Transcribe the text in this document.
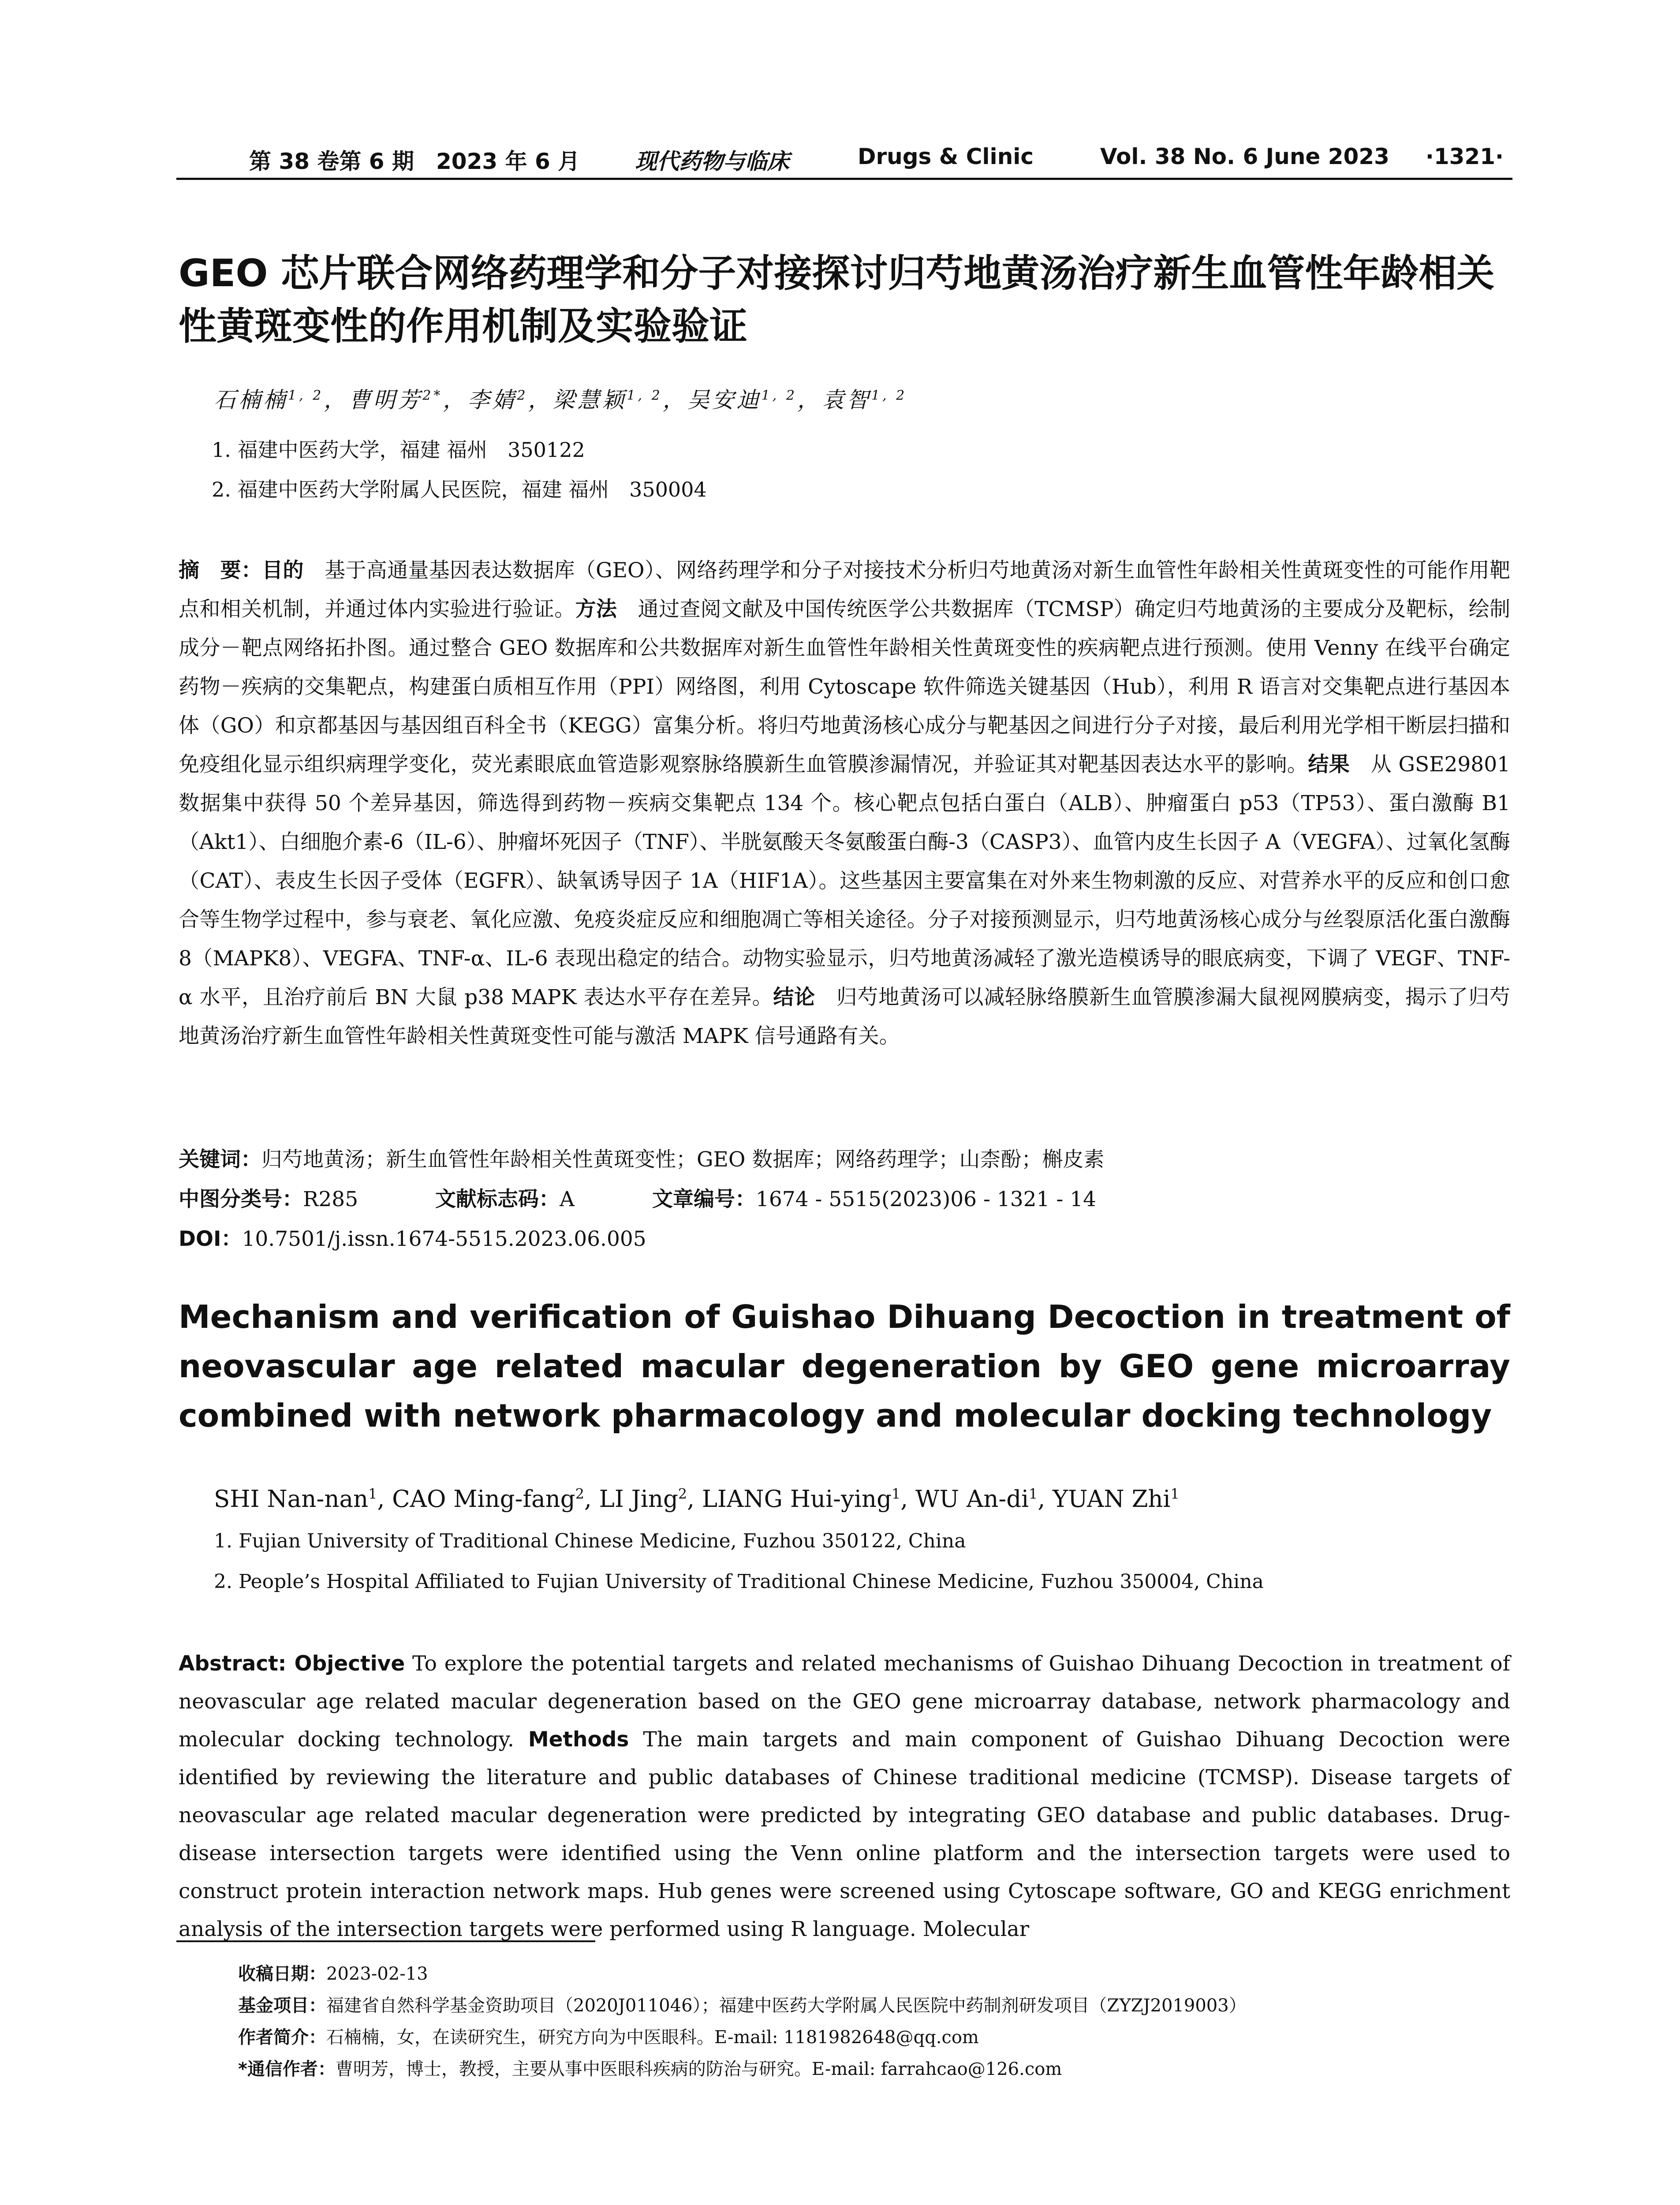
第 38 卷第 6 期　2023 年 6 月 现代药物与临床	Drugs & Clinic	Vol. 38 No. 6 June 2023 ·1321·
GEO 芯片联合网络药理学和分子对接探讨归芍地黄汤治疗新生血管性年龄相关性黄斑变性的作用机制及实验验证

石楠楠$^{1, 2}$，曹明芳$^{2*}$，李婧$^2$，梁慧颖$^{1, 2}$，吴安迪$^{1, 2}$，袁智$^{1, 2}$

1. 福建中医药大学，福建 福州　350122

2. 福建中医药大学附属人民医院，福建 福州　350004

摘　要：目的　基于高通量基因表达数据库（GEO）、网络药理学和分子对接技术分析归芍地黄汤对新生血管性年龄相关性黄斑变性的可能作用靶点和相关机制，并通过体内实验进行验证。方法　通过查阅文献及中国传统医学公共数据库（TCMSP）确定归芍地黄汤的主要成分及靶标，绘制成分－靶点网络拓扑图。通过整合 GEO 数据库和公共数据库对新生血管性年龄相关性黄斑变性的疾病靶点进行预测。使用 Venny 在线平台确定药物－疾病的交集靶点，构建蛋白质相互作用（PPI）网络图，利用 Cytoscape 软件筛选关键基因（Hub），利用 R 语言对交集靶点进行基因本体（GO）和京都基因与基因组百科全书（KEGG）富集分析。将归芍地黄汤核心成分与靶基因之间进行分子对接，最后利用光学相干断层扫描和免疫组化显示组织病理学变化，荧光素眼底血管造影观察脉络膜新生血管膜渗漏情况，并验证其对靶基因表达水平的影响。结果　从 GSE29801 数据集中获得 50 个差异基因，筛选得到药物－疾病交集靶点 134 个。核心靶点包括白蛋白（ALB）、肿瘤蛋白 p53（TP53）、蛋白激酶 B1（Akt1）、白细胞介素-6（IL-6）、肿瘤坏死因子（TNF）、半胱氨酸天冬氨酸蛋白酶-3（CASP3）、血管内皮生长因子 A（VEGFA）、过氧化氢酶（CAT）、表皮生长因子受体（EGFR）、缺氧诱导因子 1A（HIF1A）。这些基因主要富集在对外来生物刺激的反应、对营养水平的反应和创口愈合等生物学过程中，参与衰老、氧化应激、免疫炎症反应和细胞凋亡等相关途径。分子对接预测显示，归芍地黄汤核心成分与丝裂原活化蛋白激酶 8（MAPK8）、VEGFA、TNF-α、IL-6 表现出稳定的结合。动物实验显示，归芍地黄汤减轻了激光造模诱导的眼底病变，下调了 VEGF、TNF-α 水平，且治疗前后 BN 大鼠 p38 MAPK 表达水平存在差异。结论　归芍地黄汤可以减轻脉络膜新生血管膜渗漏大鼠视网膜病变，揭示了归芍地黄汤治疗新生血管性年龄相关性黄斑变性可能与激活 MAPK 信号通路有关。

关键词：归芍地黄汤；新生血管性年龄相关性黄斑变性；GEO 数据库；网络药理学；山柰酚；槲皮素

中图分类号：R285	文献标志码：A	文章编号：1674 - 5515(2023)06 - 1321 - 14

DOI：10.7501/j.issn.1674-5515.2023.06.005

Mechanism and verification of Guishao Dihuang Decoction in treatment of neovascular age related macular degeneration by GEO gene microarray combined with network pharmacology and molecular docking technology

SHI Nan-nan$^1$, CAO Ming-fang$^2$, LI Jing$^2$, LIANG Hui-ying$^1$, WU $An-di^1$, YUAN Zhi$^1$

1. Fujian University of Traditional Chinese Medicine, Fuzhou 350122, China

2. People’s Hospital Affiliated to Fujian University of Traditional Chinese Medicine, Fuzhou 350004, China

Abstract: Objective To explore the potential targets and related mechanisms of Guishao Dihuang Decoction in treatment of neovascular age related macular degeneration based on the GEO gene microarray database, network pharmacology and molecular docking technology. Methods The main targets and main component of Guishao Dihuang Decoction were identified by reviewing the literature and public databases of Chinese traditional medicine (TCMSP). Disease targets of neovascular age related macular degeneration were predicted by integrating GEO database and public databases. Drug-disease intersection targets were identified using the Venn online platform and the intersection targets were used to construct protein interaction network maps. Hub genes were screened using Cytoscape software, GO and KEGG enrichment analysis of the intersection targets were performed using R language. Molecular

收稿日期：2023-02-13

基金项目：福建省自然科学基金资助项目（2020J011046）；福建中医药大学附属人民医院中药制剂研发项目（ZYZJ2019003）

作者简介：石楠楠，女，在读研究生，研究方向为中医眼科。E-mail: 1181982648@qq.com

*通信作者：曹明芳，博士，教授，主要从事中医眼科疾病的防治与研究。E-mail: farrahcao@126.com
